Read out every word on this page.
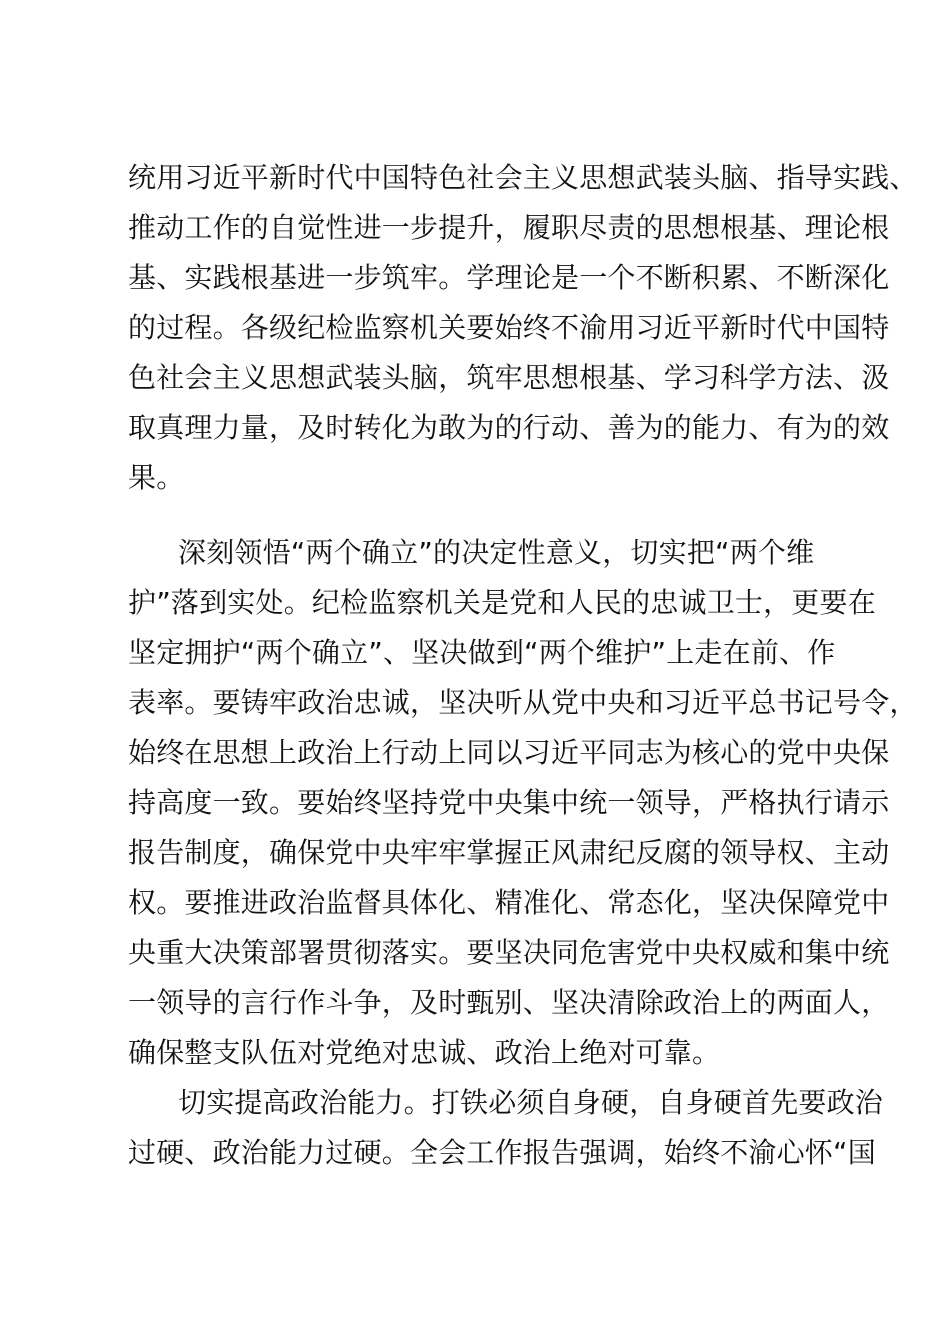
统用习近平新时代中国特色社会主义思想武装头脑、指导实践、
推动工作的自觉性进一步提升，履职尽责的思想根基、理论根
基、实践根基进一步筑牢。学理论是一个不断积累、不断深化
的过程。各级纪检监察机关要始终不渝用习近平新时代中国特
色社会主义思想武装头脑，筑牢思想根基、学习科学方法、汲
取真理力量，及时转化为敢为的行动、善为的能力、有为的效
果。
深刻领悟“两个确立”的决定性意义，切实把“两个维
护”落到实处。纪检监察机关是党和人民的忠诚卫士，更要在
坚定拥护“两个确立”、坚决做到“两个维护”上走在前、作
表率。要铸牢政治忠诚，坚决听从党中央和习近平总书记号令，
始终在思想上政治上行动上同以习近平同志为核心的党中央保
持高度一致。要始终坚持党中央集中统一领导，严格执行请示
报告制度，确保党中央牢牢掌握正风肃纪反腐的领导权、主动
权。要推进政治监督具体化、精准化、常态化，坚决保障党中
央重大决策部署贯彻落实。要坚决同危害党中央权威和集中统
一领导的言行作斗争，及时甄别、坚决清除政治上的两面人，
确保整支队伍对党绝对忠诚、政治上绝对可靠。
切实提高政治能力。打铁必须自身硬，自身硬首先要政治
过硬、政治能力过硬。全会工作报告强调，始终不渝心怀“国
